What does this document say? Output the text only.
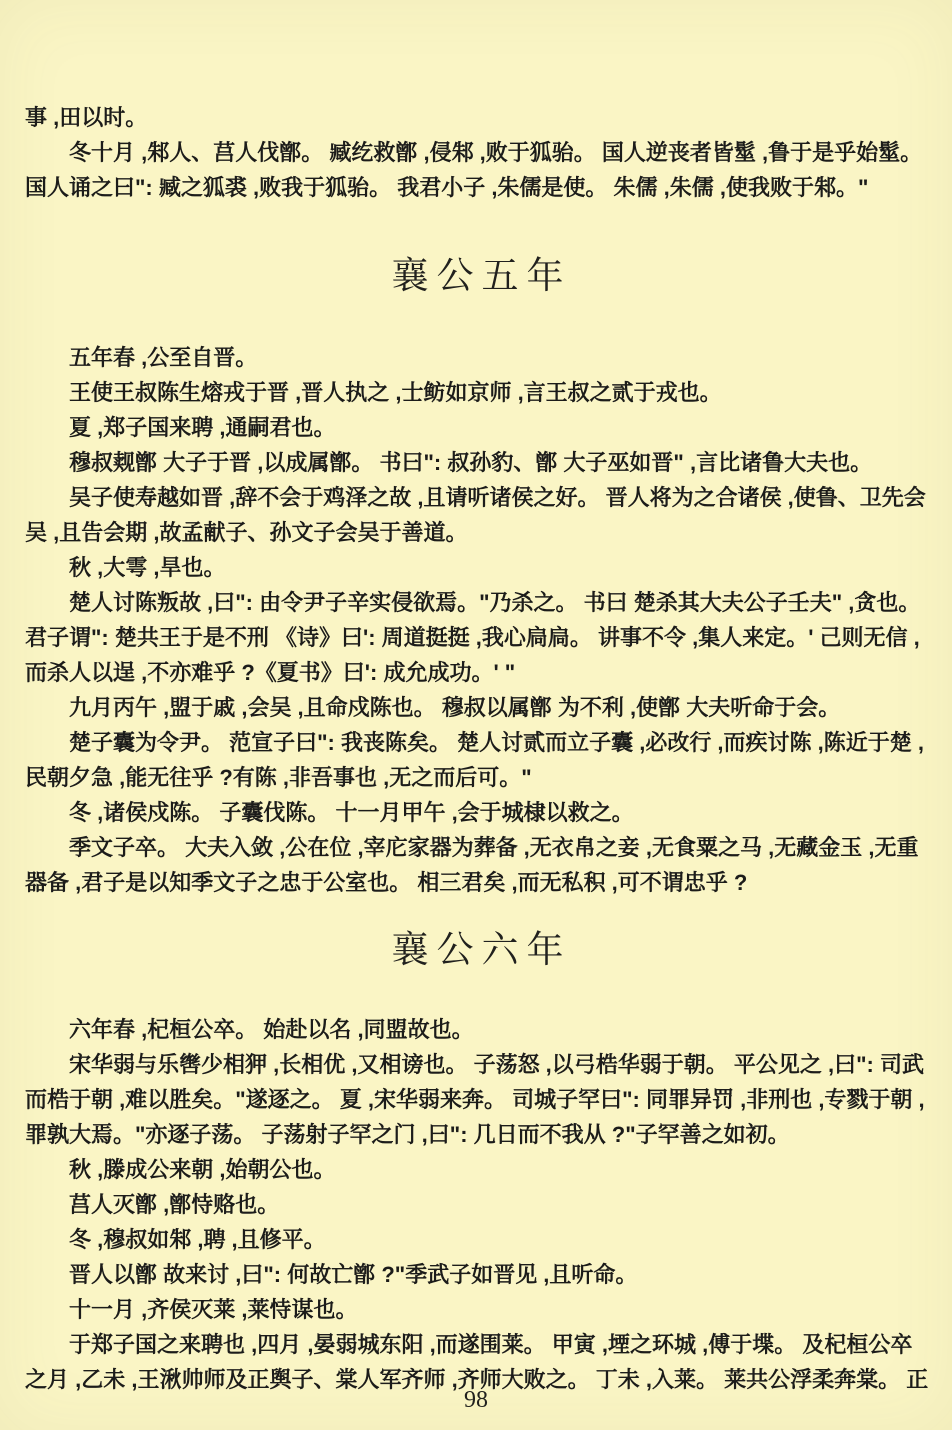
事 ,田以时。

冬十月 ,邾人、莒人伐鄫。 臧纥救鄫 ,侵邾 ,败于狐骀。 国人逆丧者皆髽 ,鲁于是乎始髽。 国人诵之曰": 臧之狐裘 ,败我于狐骀。 我君小子 ,朱儒是使。 朱儒 ,朱儒 ,使我败于邾。"

襄公五年

五年春 ,公至自晋。

王使王叔陈生熔戎于晋 ,晋人执之 ,士鲂如京师 ,言王叔之贰于戎也。

夏 ,郑子国来聘 ,通嗣君也。

穆叔觌鄫 大子于晋 ,以成属鄫。 书曰": 叔孙豹、鄫 大子巫如晋" ,言比诸鲁大夫也。

吴子使寿越如晋 ,辞不会于鸡泽之故 ,且请听诸侯之好。 晋人将为之合诸侯 ,使鲁、卫先会吴 ,且告会期 ,故孟献子、孙文子会吴于善道。

秋 ,大雩 ,旱也。

楚人讨陈叛故 ,曰": 由令尹子辛实侵欲焉。"乃杀之。 书曰 楚杀其大夫公子壬夫" ,贪也。 君子谓": 楚共王于是不刑 《诗》曰': 周道挺挺 ,我心扃扃。 讲事不令 ,集人来定。' 己则无信 ,而杀人以逞 ,不亦难乎 ?《夏书》曰': 成允成功。' "

九月丙午 ,盟于戚 ,会吴 ,且命戍陈也。 穆叔以属鄫 为不利 ,使鄫 大夫听命于会。

楚子囊为令尹。 范宣子曰": 我丧陈矣。 楚人讨贰而立子囊 ,必改行 ,而疾讨陈 ,陈近于楚 ,民朝夕急 ,能无往乎 ?有陈 ,非吾事也 ,无之而后可。"

冬 ,诸侯戍陈。 子囊伐陈。 十一月甲午 ,会于城棣以救之。

季文子卒。 大夫入敛 ,公在位 ,宰庀家器为葬备 ,无衣帛之妾 ,无食粟之马 ,无藏金玉 ,无重器备 ,君子是以知季文子之忠于公室也。 相三君矣 ,而无私积 ,可不谓忠乎 ?

襄公六年

六年春 ,杞桓公卒。 始赴以名 ,同盟故也。

宋华弱与乐辔少相狎 ,长相优 ,又相谤也。 子荡怒 ,以弓梏华弱于朝。 平公见之 ,曰": 司武而梏于朝 ,难以胜矣。"遂逐之。 夏 ,宋华弱来奔。 司城子罕曰": 同罪异罚 ,非刑也 ,专戮于朝 ,罪孰大焉。"亦逐子荡。 子荡射子罕之门 ,曰": 几日而不我从 ?"子罕善之如初。

秋 ,滕成公来朝 ,始朝公也。

莒人灭鄫 ,鄫恃赂也。

冬 ,穆叔如邾 ,聘 ,且修平。

晋人以鄫 故来讨 ,曰": 何故亡鄫 ?"季武子如晋见 ,且听命。

十一月 ,齐侯灭莱 ,莱恃谋也。

于郑子国之来聘也 ,四月 ,晏弱城东阳 ,而遂围莱。 甲寅 ,堙之环城 ,傅于堞。 及杞桓公卒之月 ,乙未 ,王湫帅师及正舆子、棠人军齐师 ,齐师大败之。 丁未 ,入莱。 莱共公浮柔奔棠。 正

98
